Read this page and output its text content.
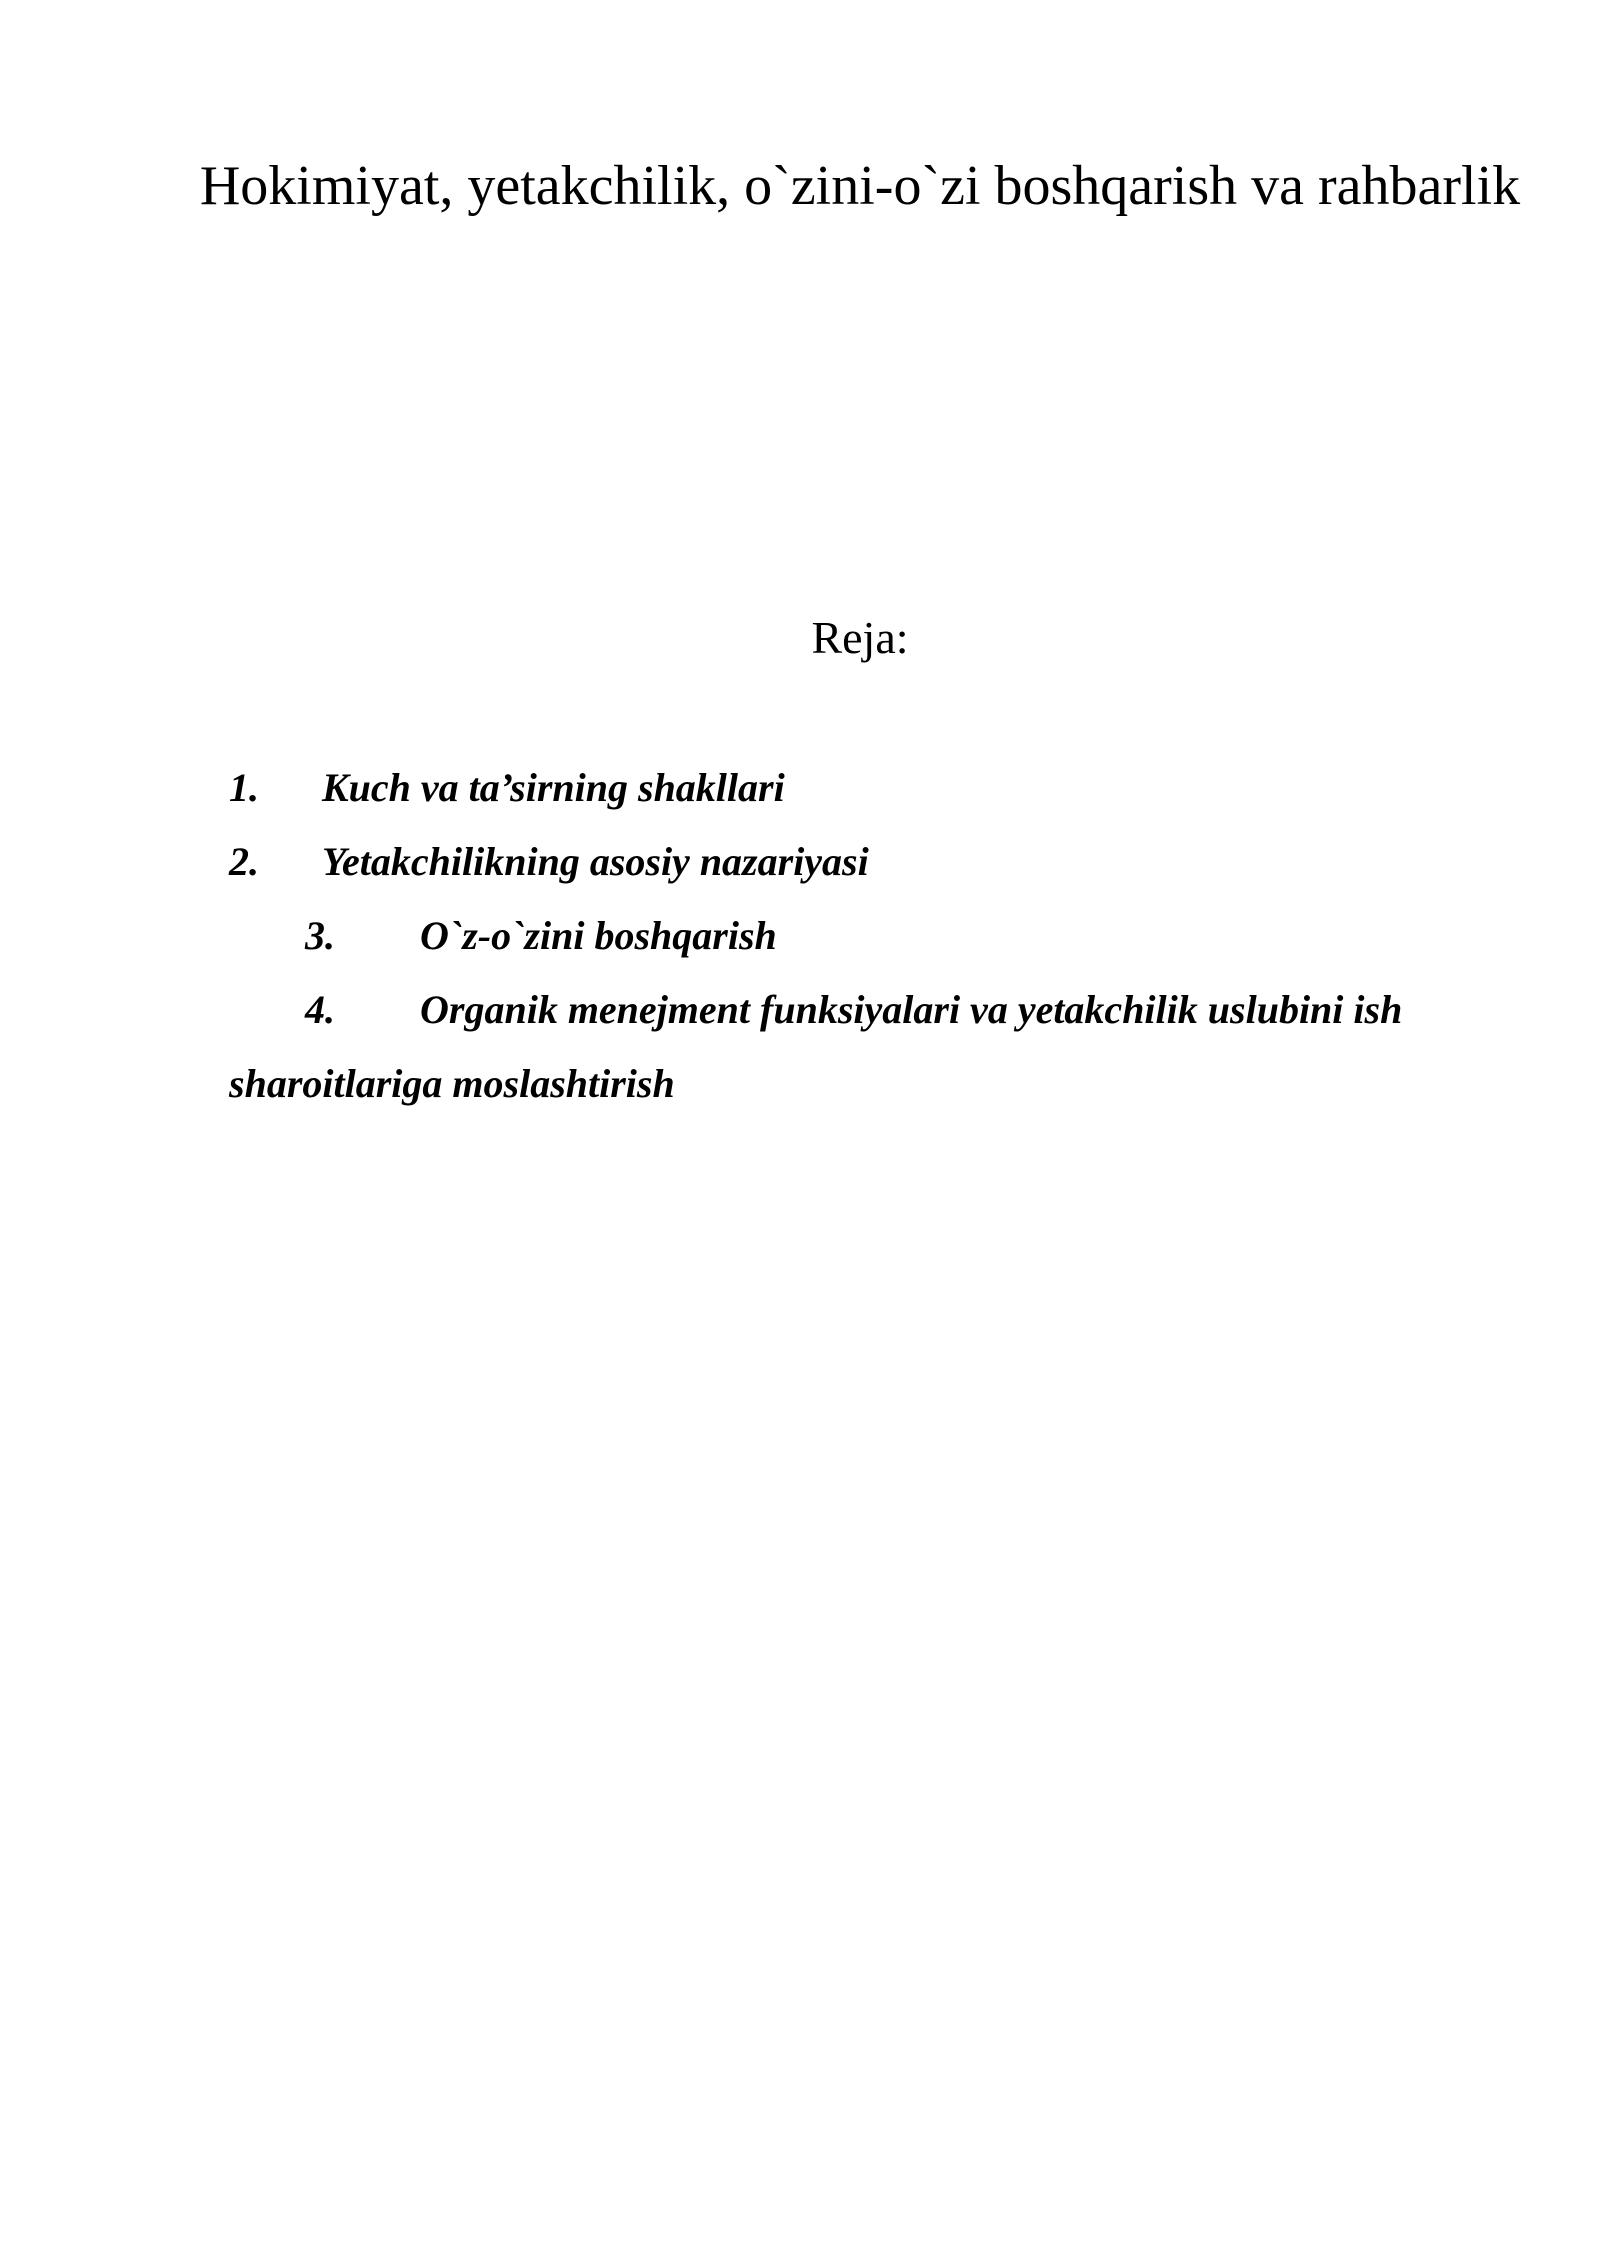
Hokimiyat, yetakchilik, o`zini-o`zi boshqarish va rahbarlik
Reja:
1. Kuch va ta’sirning shakllari
2. Yetakchilikning asosiy nazariyasi
3. O`z-o`zini boshqarish
4. Organik menejment funksiyalari va yetakchilik uslubini ish
sharoitlariga moslashtirish
